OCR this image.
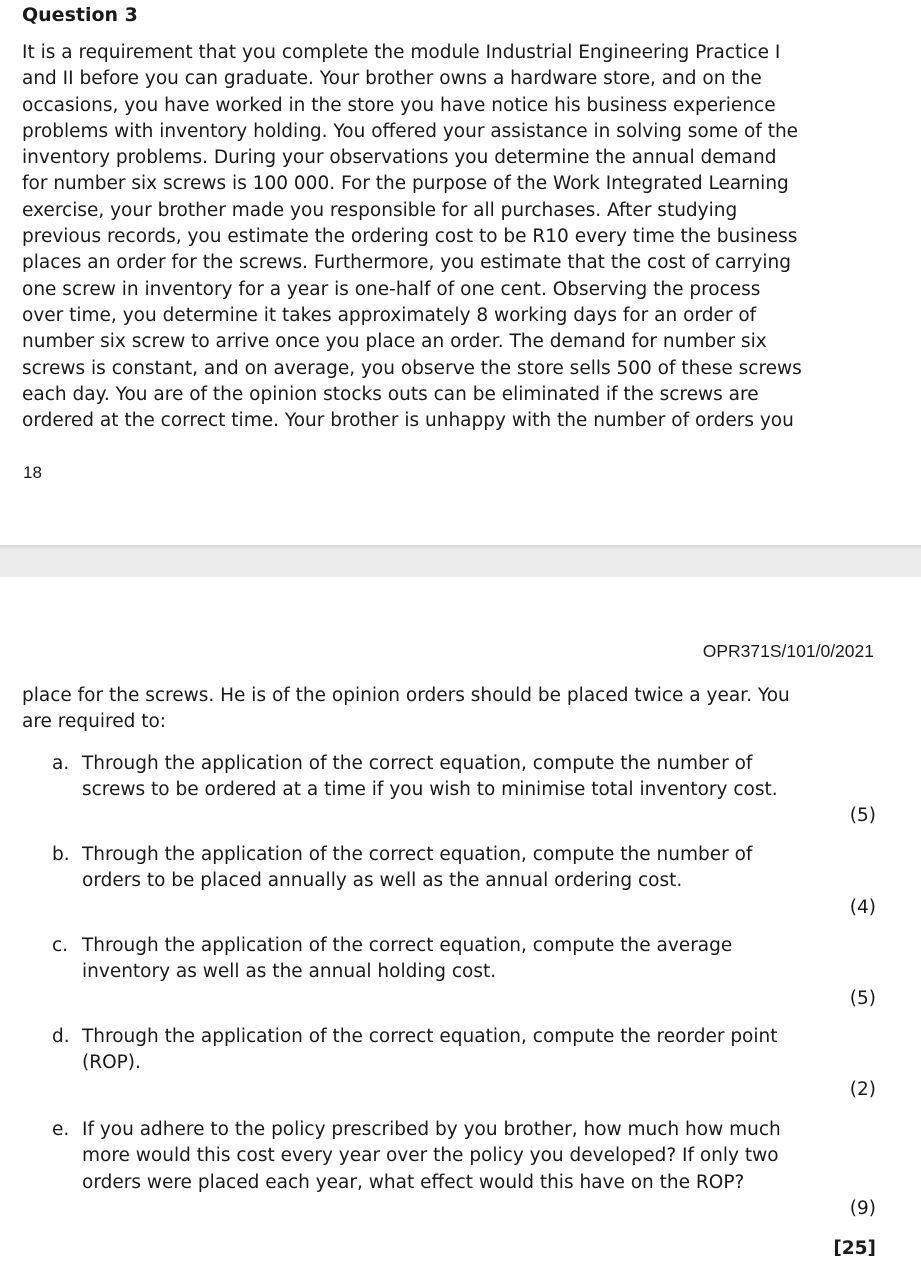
Question 3
It is a requirement that you complete the module Industrial Engineering Practice I
and II before you can graduate. Your brother owns a hardware store, and on the
occasions, you have worked in the store you have notice his business experience
problems with inventory holding. You offered your assistance in solving some of the
inventory problems. During your observations you determine the annual demand
for number six screws is 100 000. For the purpose of the Work Integrated Learning
exercise, your brother made you responsible for all purchases. After studying
previous records, you estimate the ordering cost to be R10 every time the business
places an order for the screws. Furthermore, you estimate that the cost of carrying
one screw in inventory for a year is one-half of one cent. Observing the process
over time, you determine it takes approximately 8 working days for an order of
number six screw to arrive once you place an order. The demand for number six
screws is constant, and on average, you observe the store sells 500 of these screws
each day. You are of the opinion stocks outs can be eliminated if the screws are
ordered at the correct time. Your brother is unhappy with the number of orders you
18
OPR371S/101/0/2021
place for the screws. He is of the opinion orders should be placed twice a year. You
are required to:
a. Through the application of the correct equation, compute the number of
screws to be ordered at a time if you wish to minimise total inventory cost.
(5)
b. Through the application of the correct equation, compute the number of
orders to be placed annually as well as the annual ordering cost.
(4)
c. Through the application of the correct equation, compute the average
inventory as well as the annual holding cost.
(5)
d. Through the application of the correct equation, compute the reorder point
(ROP).
(2)
e. If you adhere to the policy prescribed by you brother, how much how much
more would this cost every year over the policy you developed? If only two
orders were placed each year, what effect would this have on the ROP?
(9)
[25]
